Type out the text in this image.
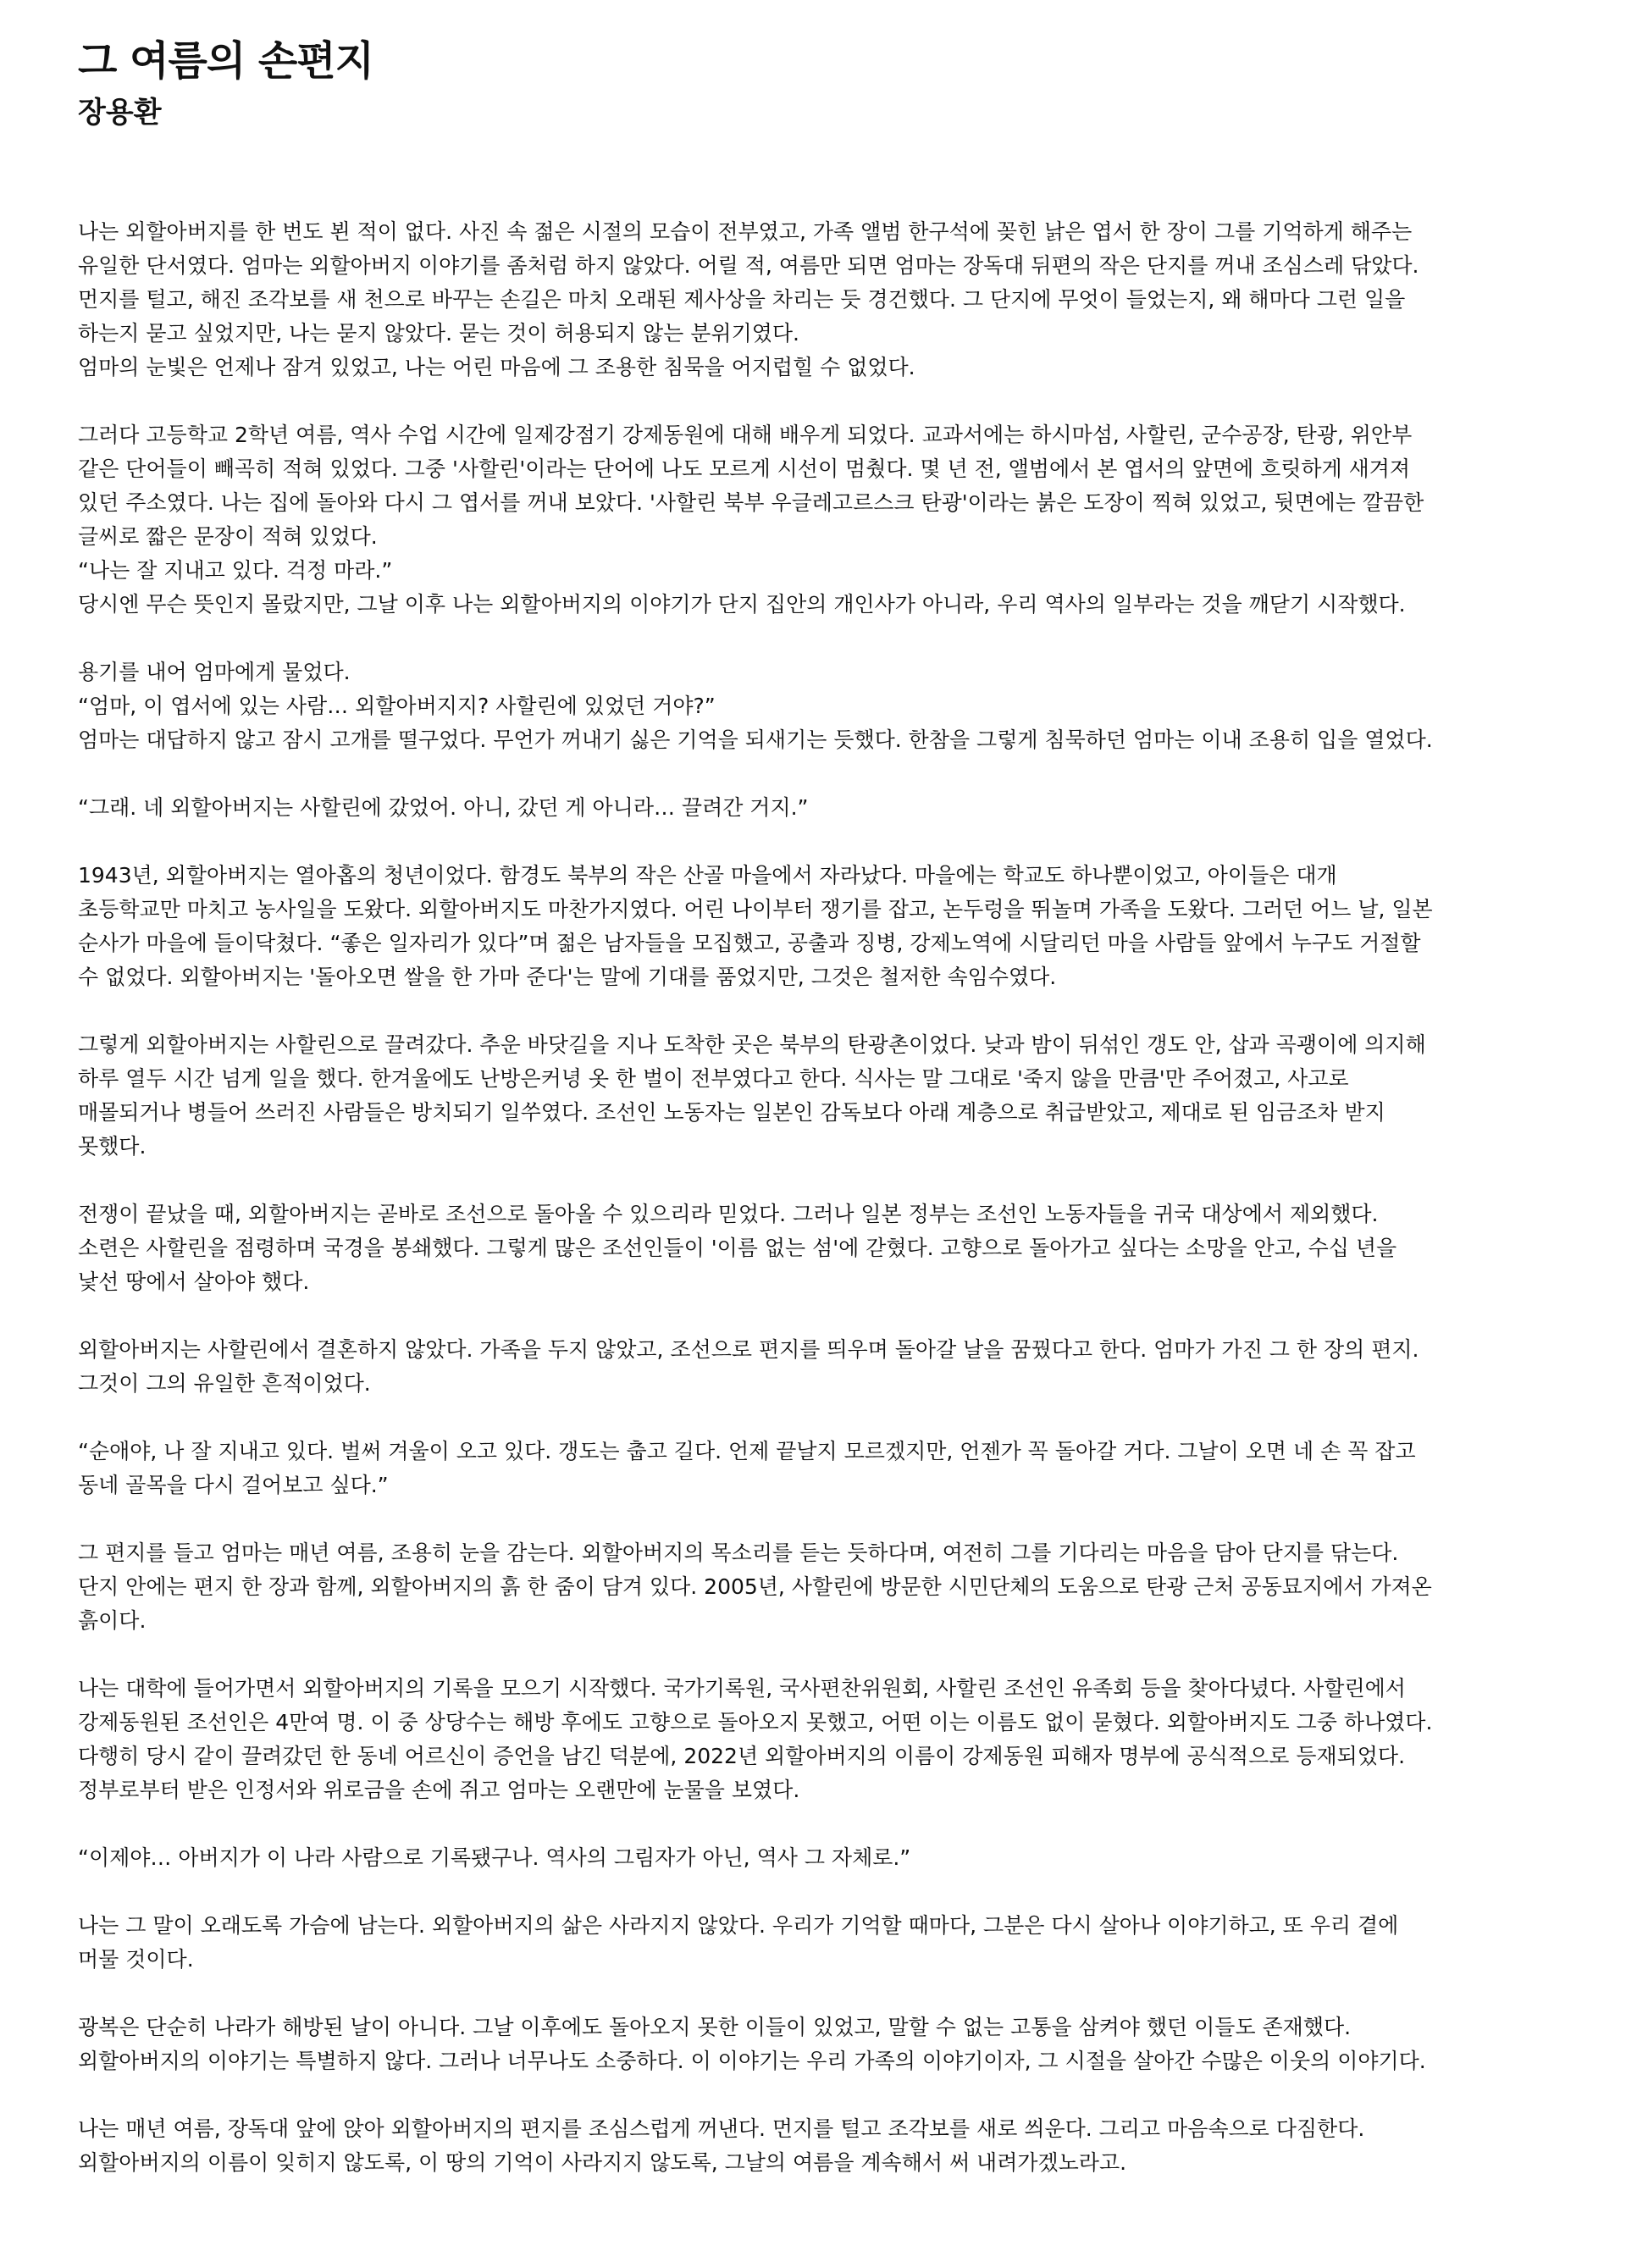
그 여름의 손편지
장용환

나는 외할아버지를 한 번도 뵌 적이 없다. 사진 속 젊은 시절의 모습이 전부였고, 가족 앨범 한구석에 꽂힌 낡은 엽서 한 장이 그를 기억하게 해주는
유일한 단서였다. 엄마는 외할아버지 이야기를 좀처럼 하지 않았다. 어릴 적, 여름만 되면 엄마는 장독대 뒤편의 작은 단지를 꺼내 조심스레 닦았다.
먼지를 털고, 해진 조각보를 새 천으로 바꾸는 손길은 마치 오래된 제사상을 차리는 듯 경건했다. 그 단지에 무엇이 들었는지, 왜 해마다 그런 일을
하는지 묻고 싶었지만, 나는 묻지 않았다. 묻는 것이 허용되지 않는 분위기였다.
엄마의 눈빛은 언제나 잠겨 있었고, 나는 어린 마음에 그 조용한 침묵을 어지럽힐 수 없었다.

그러다 고등학교 2학년 여름, 역사 수업 시간에 일제강점기 강제동원에 대해 배우게 되었다. 교과서에는 하시마섬, 사할린, 군수공장, 탄광, 위안부
같은 단어들이 빼곡히 적혀 있었다. 그중 '사할린'이라는 단어에 나도 모르게 시선이 멈췄다. 몇 년 전, 앨범에서 본 엽서의 앞면에 흐릿하게 새겨져
있던 주소였다. 나는 집에 돌아와 다시 그 엽서를 꺼내 보았다. '사할린 북부 우글레고르스크 탄광'이라는 붉은 도장이 찍혀 있었고, 뒷면에는 깔끔한
글씨로 짧은 문장이 적혀 있었다.
“나는 잘 지내고 있다. 걱정 마라.”
당시엔 무슨 뜻인지 몰랐지만, 그날 이후 나는 외할아버지의 이야기가 단지 집안의 개인사가 아니라, 우리 역사의 일부라는 것을 깨닫기 시작했다.

용기를 내어 엄마에게 물었다.
“엄마, 이 엽서에 있는 사람… 외할아버지지? 사할린에 있었던 거야?”
엄마는 대답하지 않고 잠시 고개를 떨구었다. 무언가 꺼내기 싫은 기억을 되새기는 듯했다. 한참을 그렇게 침묵하던 엄마는 이내 조용히 입을 열었다.

“그래. 네 외할아버지는 사할린에 갔었어. 아니, 갔던 게 아니라… 끌려간 거지.”

1943년, 외할아버지는 열아홉의 청년이었다. 함경도 북부의 작은 산골 마을에서 자라났다. 마을에는 학교도 하나뿐이었고, 아이들은 대개
초등학교만 마치고 농사일을 도왔다. 외할아버지도 마찬가지였다. 어린 나이부터 쟁기를 잡고, 논두렁을 뛰놀며 가족을 도왔다. 그러던 어느 날, 일본
순사가 마을에 들이닥쳤다. “좋은 일자리가 있다”며 젊은 남자들을 모집했고, 공출과 징병, 강제노역에 시달리던 마을 사람들 앞에서 누구도 거절할
수 없었다. 외할아버지는 '돌아오면 쌀을 한 가마 준다'는 말에 기대를 품었지만, 그것은 철저한 속임수였다.

그렇게 외할아버지는 사할린으로 끌려갔다. 추운 바닷길을 지나 도착한 곳은 북부의 탄광촌이었다. 낮과 밤이 뒤섞인 갱도 안, 삽과 곡괭이에 의지해
하루 열두 시간 넘게 일을 했다. 한겨울에도 난방은커녕 옷 한 벌이 전부였다고 한다. 식사는 말 그대로 '죽지 않을 만큼'만 주어졌고, 사고로
매몰되거나 병들어 쓰러진 사람들은 방치되기 일쑤였다. 조선인 노동자는 일본인 감독보다 아래 계층으로 취급받았고, 제대로 된 임금조차 받지
못했다.

전쟁이 끝났을 때, 외할아버지는 곧바로 조선으로 돌아올 수 있으리라 믿었다. 그러나 일본 정부는 조선인 노동자들을 귀국 대상에서 제외했다.
소련은 사할린을 점령하며 국경을 봉쇄했다. 그렇게 많은 조선인들이 '이름 없는 섬'에 갇혔다. 고향으로 돌아가고 싶다는 소망을 안고, 수십 년을
낯선 땅에서 살아야 했다.

외할아버지는 사할린에서 결혼하지 않았다. 가족을 두지 않았고, 조선으로 편지를 띄우며 돌아갈 날을 꿈꿨다고 한다. 엄마가 가진 그 한 장의 편지.
그것이 그의 유일한 흔적이었다.

“순애야, 나 잘 지내고 있다. 벌써 겨울이 오고 있다. 갱도는 춥고 길다. 언제 끝날지 모르겠지만, 언젠가 꼭 돌아갈 거다. 그날이 오면 네 손 꼭 잡고
동네 골목을 다시 걸어보고 싶다.”

그 편지를 들고 엄마는 매년 여름, 조용히 눈을 감는다. 외할아버지의 목소리를 듣는 듯하다며, 여전히 그를 기다리는 마음을 담아 단지를 닦는다.
단지 안에는 편지 한 장과 함께, 외할아버지의 흙 한 줌이 담겨 있다. 2005년, 사할린에 방문한 시민단체의 도움으로 탄광 근처 공동묘지에서 가져온
흙이다.

나는 대학에 들어가면서 외할아버지의 기록을 모으기 시작했다. 국가기록원, 국사편찬위원회, 사할린 조선인 유족회 등을 찾아다녔다. 사할린에서
강제동원된 조선인은 4만여 명. 이 중 상당수는 해방 후에도 고향으로 돌아오지 못했고, 어떤 이는 이름도 없이 묻혔다. 외할아버지도 그중 하나였다.
다행히 당시 같이 끌려갔던 한 동네 어르신이 증언을 남긴 덕분에, 2022년 외할아버지의 이름이 강제동원 피해자 명부에 공식적으로 등재되었다.
정부로부터 받은 인정서와 위로금을 손에 쥐고 엄마는 오랜만에 눈물을 보였다.

“이제야… 아버지가 이 나라 사람으로 기록됐구나. 역사의 그림자가 아닌, 역사 그 자체로.”

나는 그 말이 오래도록 가슴에 남는다. 외할아버지의 삶은 사라지지 않았다. 우리가 기억할 때마다, 그분은 다시 살아나 이야기하고, 또 우리 곁에
머물 것이다.

광복은 단순히 나라가 해방된 날이 아니다. 그날 이후에도 돌아오지 못한 이들이 있었고, 말할 수 없는 고통을 삼켜야 했던 이들도 존재했다.
외할아버지의 이야기는 특별하지 않다. 그러나 너무나도 소중하다. 이 이야기는 우리 가족의 이야기이자, 그 시절을 살아간 수많은 이웃의 이야기다.

나는 매년 여름, 장독대 앞에 앉아 외할아버지의 편지를 조심스럽게 꺼낸다. 먼지를 털고 조각보를 새로 씌운다. 그리고 마음속으로 다짐한다.
외할아버지의 이름이 잊히지 않도록, 이 땅의 기억이 사라지지 않도록, 그날의 여름을 계속해서 써 내려가겠노라고.
